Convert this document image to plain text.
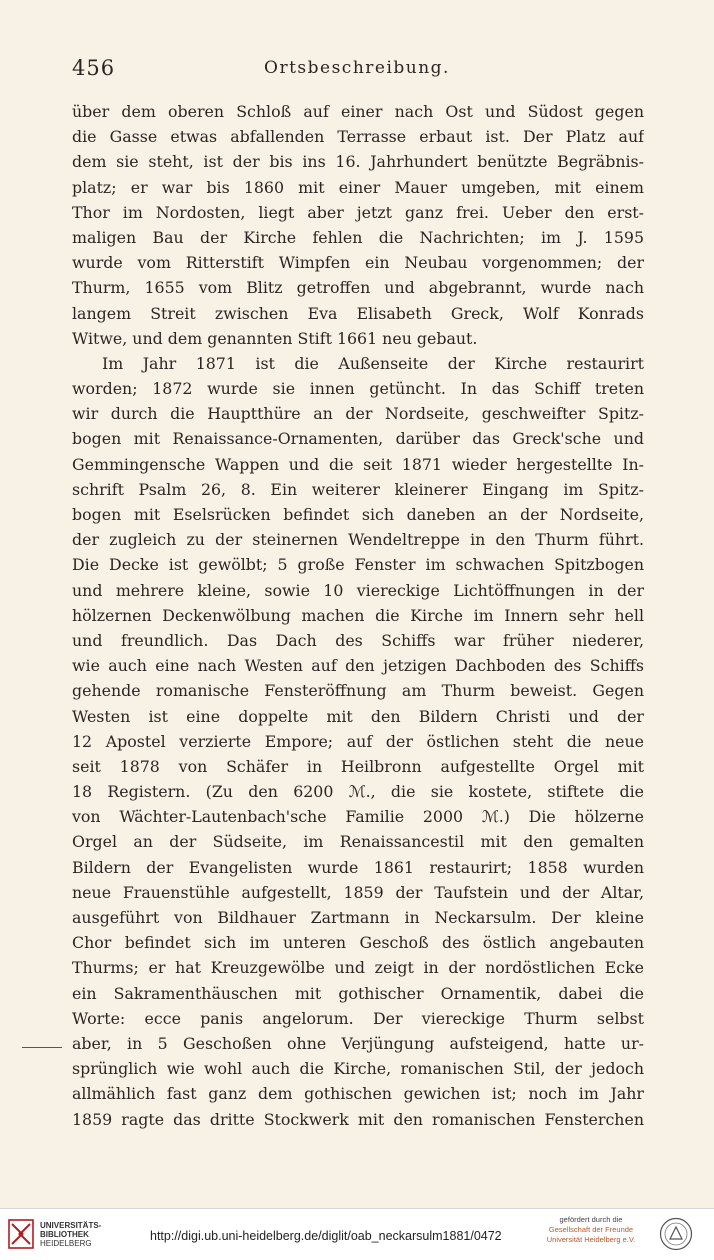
456	Ortsbeschreibung.
über dem oberen Schloß auf einer nach Ost und Südost gegen
die Gasse etwas abfallenden Terrasse erbaut ist. Der Platz auf
dem sie steht, ist der bis ins 16. Jahrhundert benützte Begräbnis-
platz; er war bis 1860 mit einer Mauer umgeben, mit einem
Thor im Nordosten, liegt aber jetzt ganz frei. Ueber den erst-
maligen Bau der Kirche fehlen die Nachrichten; im J. 1595
wurde vom Ritterstift Wimpfen ein Neubau vorgenommen; der
Thurm, 1655 vom Blitz getroffen und abgebrannt, wurde nach
langem Streit zwischen Eva Elisabeth Greck, Wolf Konrads
Witwe, und dem genannten Stift 1661 neu gebaut.
Im Jahr 1871 ist die Außenseite der Kirche restaurirt
worden; 1872 wurde sie innen getüncht. In das Schiff treten
wir durch die Hauptthüre an der Nordseite, geschweifter Spitz-
bogen mit Renaissance-Ornamenten, darüber das Greck'sche und
Gemmingensche Wappen und die seit 1871 wieder hergestellte In-
schrift Psalm 26, 8. Ein weiterer kleinerer Eingang im Spitz-
bogen mit Eselsrücken befindet sich daneben an der Nordseite,
der zugleich zu der steinernen Wendeltreppe in den Thurm führt.
Die Decke ist gewölbt; 5 große Fenster im schwachen Spitzbogen
und mehrere kleine, sowie 10 viereckige Lichtöffnungen in der
hölzernen Deckenwölbung machen die Kirche im Innern sehr hell
und freundlich. Das Dach des Schiffs war früher niederer,
wie auch eine nach Westen auf den jetzigen Dachboden des Schiffs
gehende romanische Fensteröffnung am Thurm beweist. Gegen
Westen ist eine doppelte mit den Bildern Christi und der
12 Apostel verzierte Empore; auf der östlichen steht die neue
seit 1878 von Schäfer in Heilbronn aufgestellte Orgel mit
18 Registern. (Zu den 6200 ℳ., die sie kostete, stiftete die
von Wächter-Lautenbach'sche Familie 2000 ℳ.) Die hölzerne
Orgel an der Südseite, im Renaissancestil mit den gemalten
Bildern der Evangelisten wurde 1861 restaurirt; 1858 wurden
neue Frauenstühle aufgestellt, 1859 der Taufstein und der Altar,
ausgeführt von Bildhauer Zartmann in Neckarsulm. Der kleine
Chor befindet sich im unteren Geschoß des östlich angebauten
Thurms; er hat Kreuzgewölbe und zeigt in der nordöstlichen Ecke
ein Sakramenthäuschen mit gothischer Ornamentik, dabei die
Worte: ecce panis angelorum. Der viereckige Thurm selbst
aber, in 5 Geschoßen ohne Verjüngung aufsteigend, hatte ur-
sprünglich wie wohl auch die Kirche, romanischen Stil, der jedoch
allmählich fast ganz dem gothischen gewichen ist; noch im Jahr
1859 ragte das dritte Stockwerk mit den romanischen Fensterchen
UNIVERSITÄTS-
BIBLIOTHEK
HEIDELBERG
http://digi.ub.uni-heidelberg.de/diglit/oab_neckarsulm1881/0472
gefördert durch die
Gesellschaft der Freunde
Universität Heidelberg e.V.
